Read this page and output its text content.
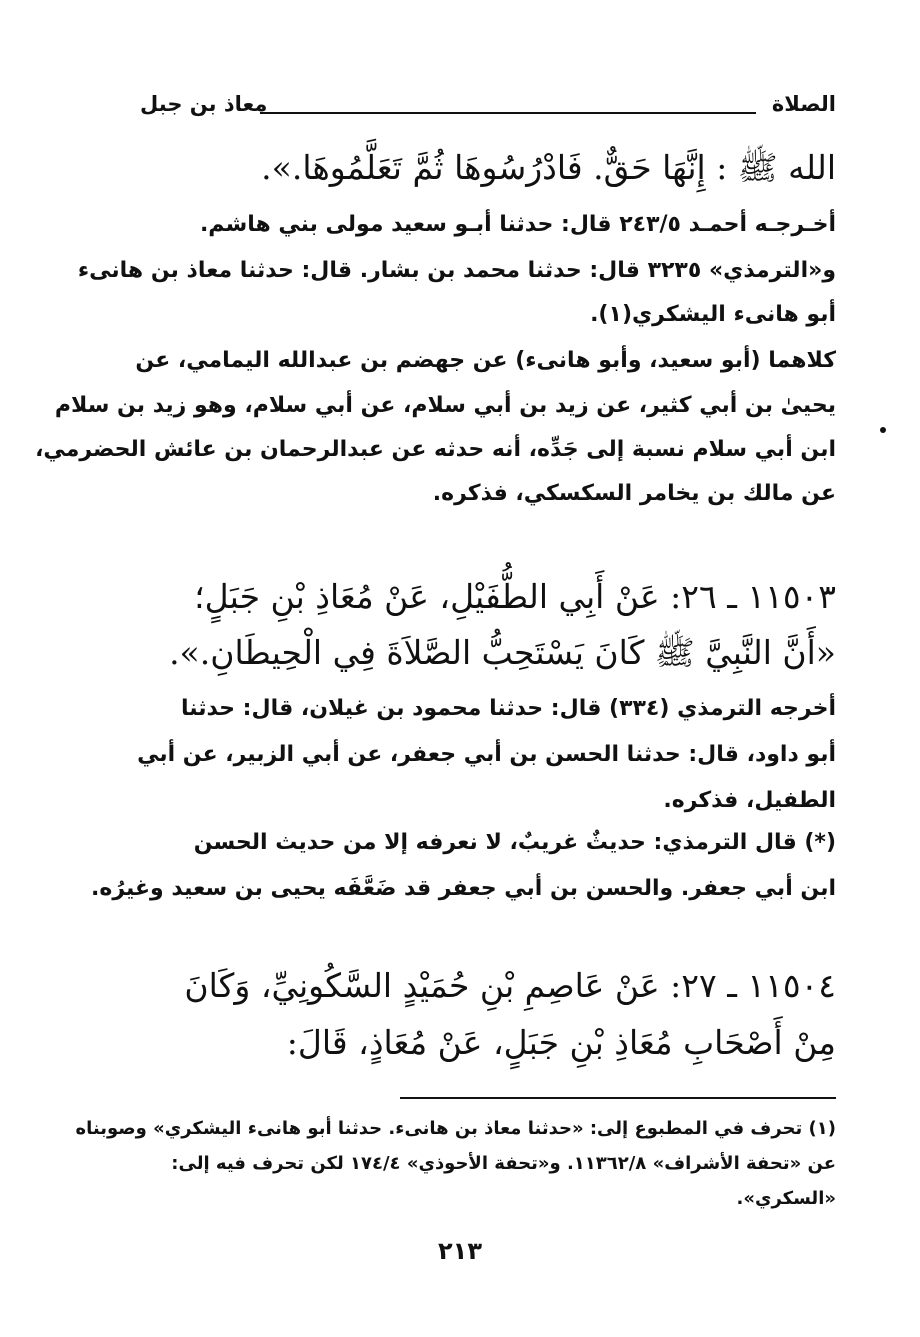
الصلاة
معاذ بن جبل
الله ﷺ : إِنَّهَا حَقٌّ. فَادْرُسُوهَا ثُمَّ تَعَلَّمُوهَا.».
أخـرجـه أحمـد ٢٤٣/٥ قال: حدثنا أبـو سعيد مولى بني هاشم.
و«الترمذي» ٣٢٣٥ قال: حدثنا محمد بن بشار. قال: حدثنا معاذ بن هانىء
أبو هانىء اليشكري(١).
كلاهما (أبو سعيد، وأبو هانىء) عن جهضم بن عبدالله اليمامي، عن
يحيىٰ بن أبي كثير، عن زيد بن أبي سلام، عن أبي سلام، وهو زيد بن سلام
ابن أبي سلام نسبة إلى جَدِّه، أنه حدثه عن عبدالرحمان بن عائش الحضرمي،
عن مالك بن يخامر السكسكي، فذكره.
١١٥٠٣ ـ ٢٦: عَنْ أَبِي الطُّفَيْلِ، عَنْ مُعَاذِ بْنِ جَبَلٍ؛
«أَنَّ النَّبِيَّ ﷺ كَانَ يَسْتَحِبُّ الصَّلاَةَ فِي الْحِيطَانِ.».
أخرجه الترمذي (٣٣٤) قال: حدثنا محمود بن غيلان، قال: حدثنا
أبو داود، قال: حدثنا الحسن بن أبي جعفر، عن أبي الزبير، عن أبي
الطفيل، فذكره.
(*) قال الترمذي: حديثٌ غريبٌ، لا نعرفه إلا من حديث الحسن
ابن أبي جعفر. والحسن بن أبي جعفر قد ضَعَّفَه يحيى بن سعيد وغيرُه.
١١٥٠٤ ـ ٢٧: عَنْ عَاصِمِ بْنِ حُمَيْدٍ السَّكُونِيِّ، وَكَانَ
مِنْ أَصْحَابِ مُعَاذِ بْنِ جَبَلٍ، عَنْ مُعَاذٍ، قَالَ:
(١) تحرف في المطبوع إلى: «حدثنا معاذ بن هانىء. حدثنا أبو هانىء اليشكري» وصوبناه
عن «تحفة الأشراف» ١١٣٦٢/٨. و«تحفة الأحوذي» ١٧٤/٤ لكن تحرف فيه إلى:
«السكري».
٢١٣
